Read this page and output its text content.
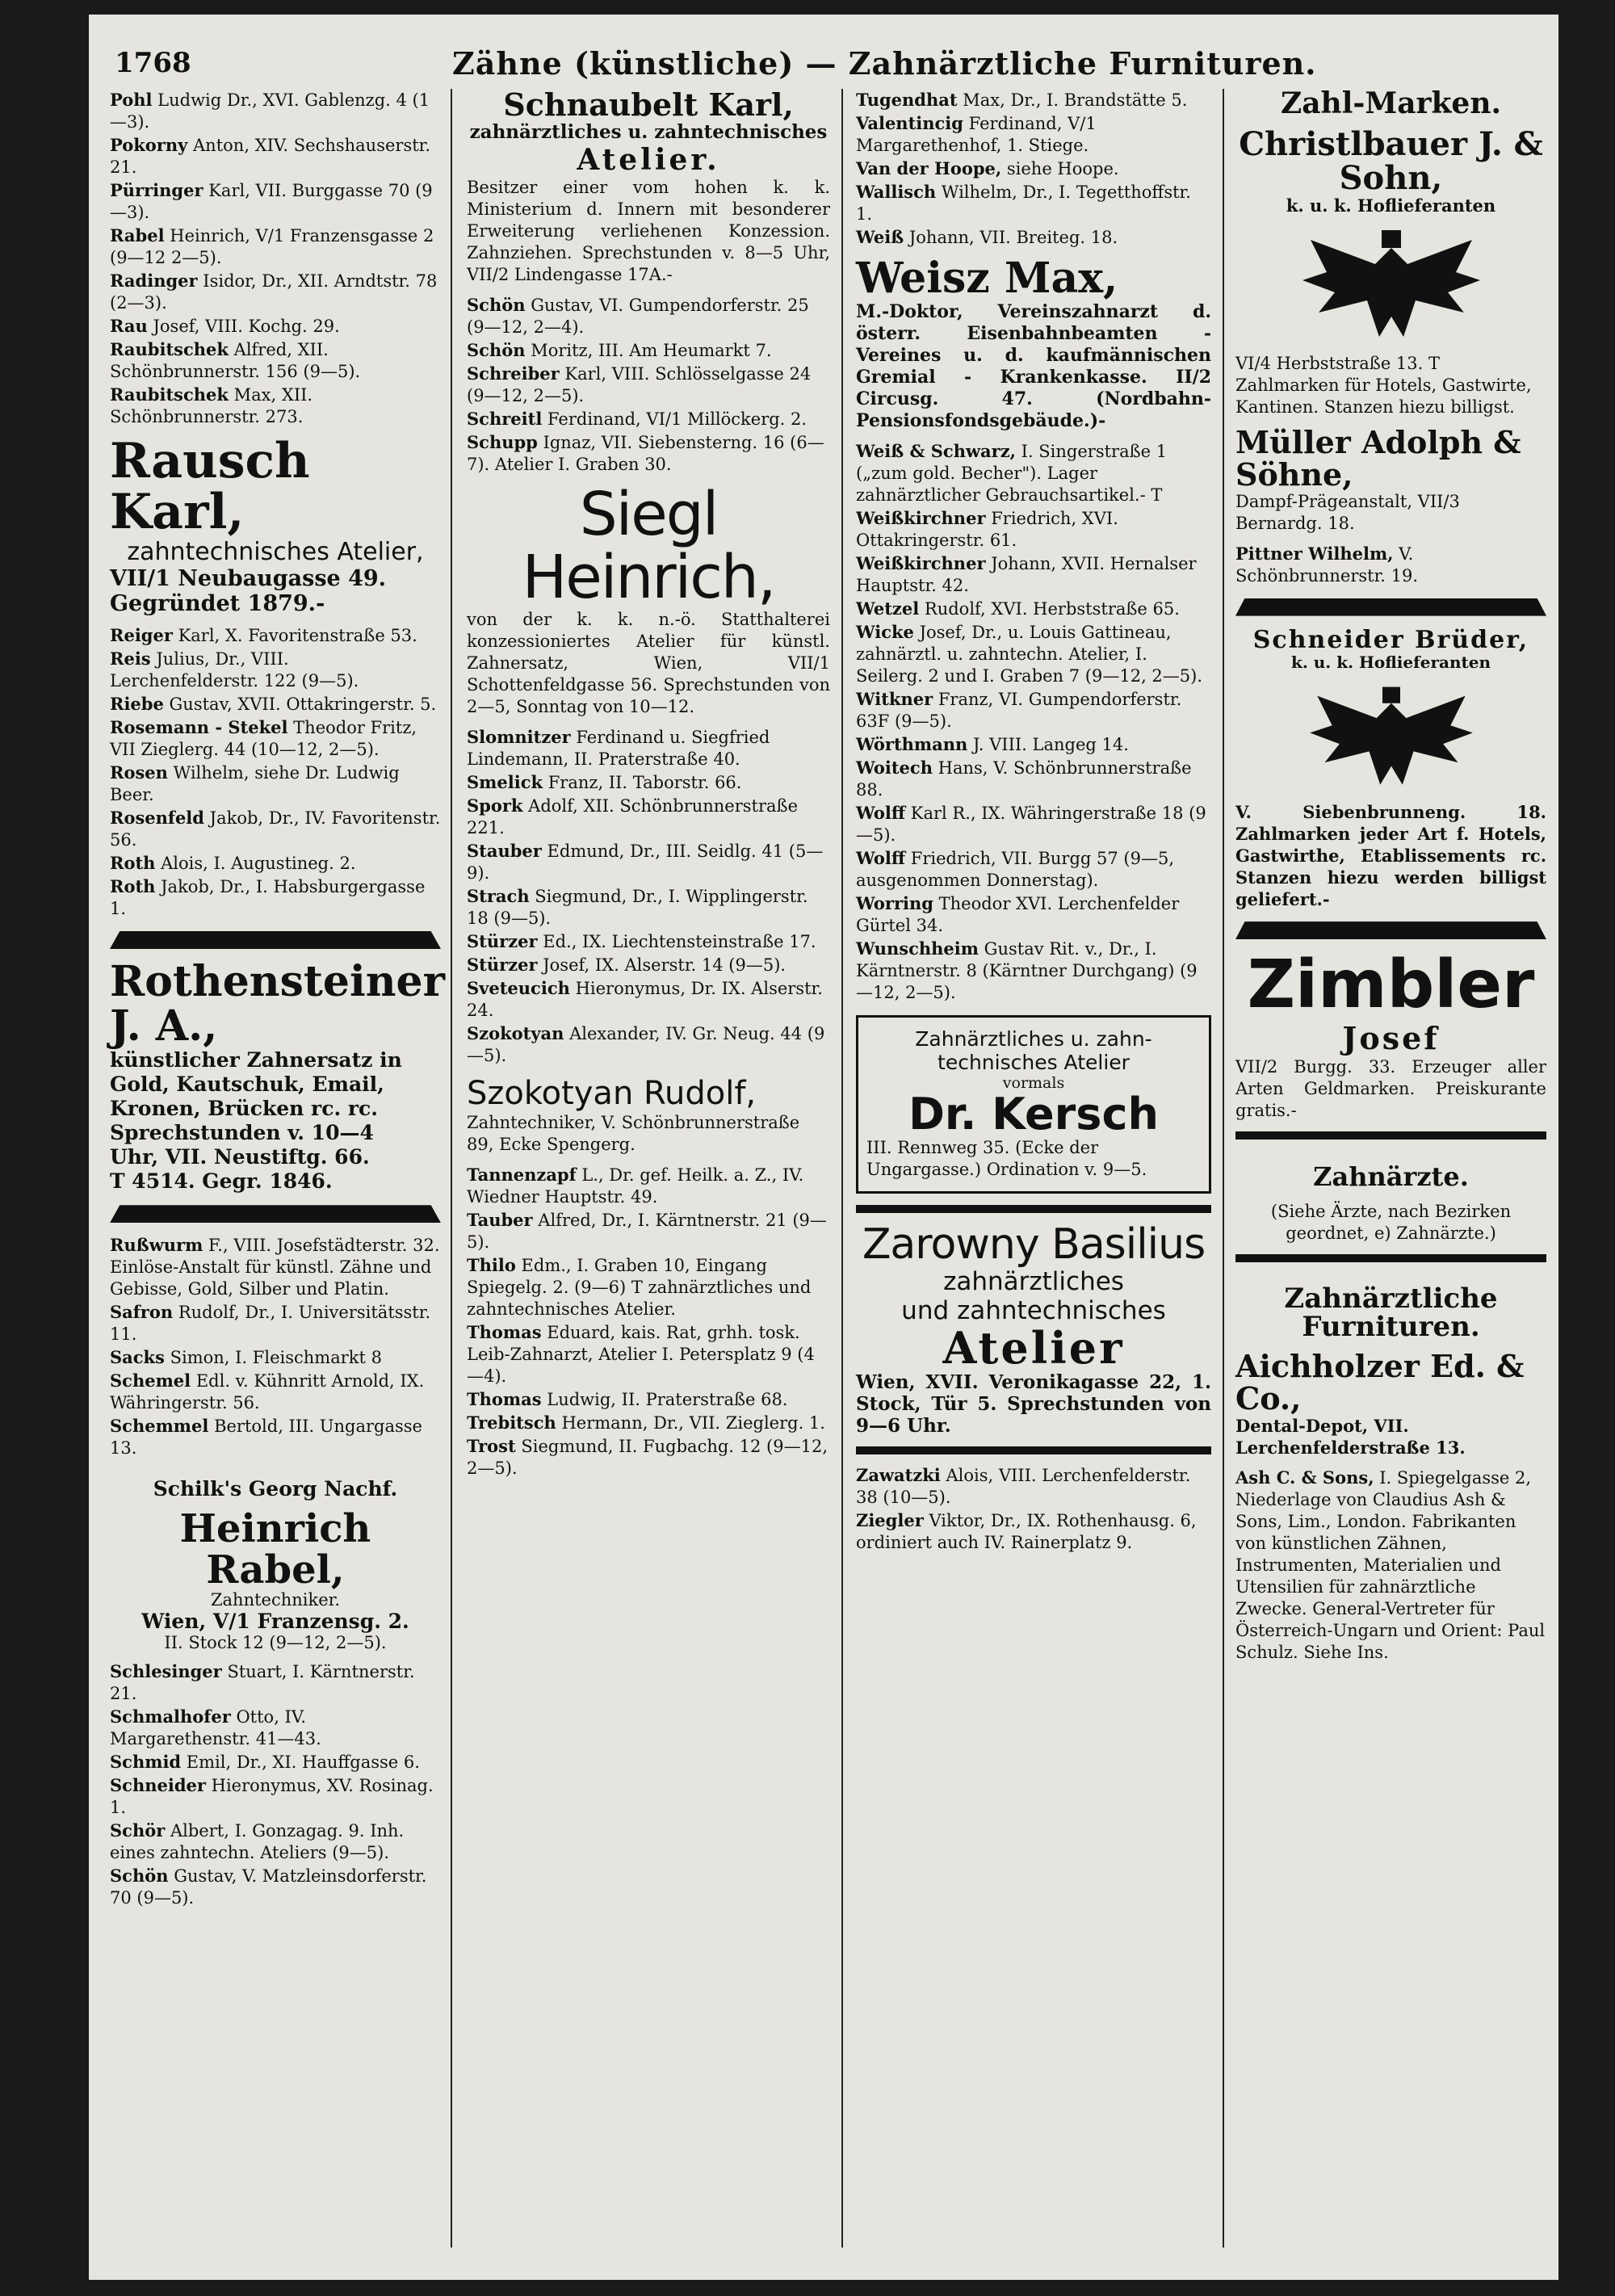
1768	Zähne (künstliche) — Zahnärztliche Furnituren.
Pohl Ludwig Dr., XVI. Gablenzg. 4 (1—3).
Pokorny Anton, XIV. Sechshauserstr. 21.
Pürringer Karl, VII. Burggasse 70 (9—3).
Rabel Heinrich, V/1 Franzensgasse 2 (9—12 2—5).
Radinger Isidor, Dr., XII. Arndtstr. 78 (2—3).
Rau Josef, VIII. Kochg. 29.
Raubitschek Alfred, XII. Schönbrunnerstr. 156 (9—5).
Raubitschek Max, XII. Schönbrunnerstr. 273.
Rausch Karl,
zahntechnisches Atelier,
VII/1 Neubaugasse 49.
Gegründet 1879.-
Reiger Karl, X. Favoritenstraße 53.
Reis Julius, Dr., VIII. Lerchenfelderstr. 122 (9—5).
Riebe Gustav, XVII. Ottakringerstr. 5.
Rosemann - Stekel Theodor Fritz, VII Zieglerg. 44 (10—12, 2—5).
Rosen Wilhelm, siehe Dr. Ludwig Beer.
Rosenfeld Jakob, Dr., IV. Favoritenstr. 56.
Roth Alois, I. Augustineg. 2.
Roth Jakob, Dr., I. Habsburgergasse 1.
Rothensteiner J. A.,
künstlicher Zahnersatz in
Gold, Kautschuk, Email,
Kronen, Brücken rc. rc.
Sprechstunden v. 10—4
Uhr, VII. Neustiftg. 66.
T 4514. Gegr. 1846.
Rußwurm F., VIII. Josefstädterstr. 32. Einlöse-Anstalt für künstl. Zähne und Gebisse, Gold, Silber und Platin.
Safron Rudolf, Dr., I. Universitätsstr. 11.
Sacks Simon, I. Fleischmarkt 8
Schemel Edl. v. Kühnritt Arnold, IX. Währingerstr. 56.
Schemmel Bertold, III. Ungargasse 13.
Schilk's Georg Nachf.
Heinrich Rabel,
Zahntechniker.
Wien, V/1 Franzensg. 2.
II. Stock 12 (9—12, 2—5).
Schlesinger Stuart, I. Kärntnerstr. 21.
Schmalhofer Otto, IV. Margarethenstr. 41—43.
Schmid Emil, Dr., XI. Hauffgasse 6.
Schneider Hieronymus, XV. Rosinag. 1.
Schör Albert, I. Gonzagag. 9. Inh. eines zahntechn. Ateliers (9—5).
Schön Gustav, V. Matzleinsdorferstr. 70 (9—5).
Schnaubelt Karl,
zahnärztliches u. zahntechnisches
Atelier.
Besitzer einer vom hohen k. k. Ministerium d. Innern mit besonderer Erweiterung verliehenen Konzession. Zahnziehen. Sprechstunden v. 8—5 Uhr, VII/2 Lindengasse 17A.-
Schön Gustav, VI. Gumpendorferstr. 25 (9—12, 2—4).
Schön Moritz, III. Am Heumarkt 7.
Schreiber Karl, VIII. Schlösselgasse 24 (9—12, 2—5).
Schreitl Ferdinand, VI/1 Millöckerg. 2.
Schupp Ignaz, VII. Siebensterng. 16 (6—7). Atelier I. Graben 30.
Siegl Heinrich,
von der k. k. n.-ö. Statthalterei konzessioniertes Atelier für künstl. Zahnersatz, Wien, VII/1 Schottenfeldgasse 56. Sprechstunden von 2—5, Sonntag von 10—12.
Slomnitzer Ferdinand u. Siegfried Lindemann, II. Praterstraße 40.
Smelick Franz, II. Taborstr. 66.
Spork Adolf, XII. Schönbrunnerstraße 221.
Stauber Edmund, Dr., III. Seidlg. 41 (5—9).
Strach Siegmund, Dr., I. Wipplingerstr. 18 (9—5).
Stürzer Ed., IX. Liechtensteinstraße 17.
Stürzer Josef, IX. Alserstr. 14 (9—5).
Sveteucich Hieronymus, Dr. IX. Alserstr. 24.
Szokotyan Alexander, IV. Gr. Neug. 44 (9—5).
Szokotyan Rudolf,
Zahntechniker, V. Schönbrunnerstraße 89, Ecke Spengerg.
Tannenzapf L., Dr. gef. Heilk. a. Z., IV. Wiedner Hauptstr. 49.
Tauber Alfred, Dr., I. Kärntnerstr. 21 (9—5).
Thilo Edm., I. Graben 10, Eingang Spiegelg. 2. (9—6) T zahnärztliches und zahntechnisches Atelier.
Thomas Eduard, kais. Rat, grhh. tosk. Leib-Zahnarzt, Atelier I. Petersplatz 9 (4—4).
Thomas Ludwig, II. Praterstraße 68.
Trebitsch Hermann, Dr., VII. Zieglerg. 1.
Trost Siegmund, II. Fugbachg. 12 (9—12, 2—5).
Tugendhat Max, Dr., I. Brandstätte 5.
Valentincig Ferdinand, V/1 Margarethenhof, 1. Stiege.
Van der Hoope, siehe Hoope.
Wallisch Wilhelm, Dr., I. Tegetthoffstr. 1.
Weiß Johann, VII. Breiteg. 18.
Weisz Max,
M.-Doktor, Vereinszahnarzt d. österr. Eisenbahnbeamten - Vereines u. d. kaufmännischen Gremial - Krankenkasse. II/2 Circusg. 47. (Nordbahn-Pensionsfondsgebäude.)-
Weiß & Schwarz, I. Singerstraße 1 („zum gold. Becher"). Lager zahnärztlicher Gebrauchsartikel.- T
Weißkirchner Friedrich, XVI. Ottakringerstr. 61.
Weißkirchner Johann, XVII. Hernalser Hauptstr. 42.
Wetzel Rudolf, XVI. Herbststraße 65.
Wicke Josef, Dr., u. Louis Gattineau, zahnärztl. u. zahntechn. Atelier, I. Seilerg. 2 und I. Graben 7 (9—12, 2—5).
Witkner Franz, VI. Gumpendorferstr. 63F (9—5).
Wörthmann J. VIII. Langeg 14.
Woitech Hans, V. Schönbrunnerstraße 88.
Wolff Karl R., IX. Währingerstraße 18 (9—5).
Wolff Friedrich, VII. Burgg 57 (9—5, ausgenommen Donnerstag).
Worring Theodor XVI. Lerchenfelder Gürtel 34.
Wunschheim Gustav Rit. v., Dr., I. Kärntnerstr. 8 (Kärntner Durchgang) (9—12, 2—5).
Zahnärztliches u. zahn-
technisches Atelier
vormals
Dr. Kersch
III. Rennweg 35. (Ecke der Ungargasse.) Ordination v. 9—5.
Zarowny Basilius
zahnärztliches
und zahntechnisches
Atelier
Wien, XVII. Veronikagasse 22, 1. Stock, Tür 5. Sprechstunden von 9—6 Uhr.
Zawatzki Alois, VIII. Lerchenfelderstr. 38 (10—5).
Ziegler Viktor, Dr., IX. Rothenhausg. 6, ordiniert auch IV. Rainerplatz 9.
Zahl-Marken.
Christlbauer J. & Sohn,
k. u. k. Hoflieferanten
VI/4 Herbststraße 13. T Zahlmarken für Hotels, Gastwirte, Kantinen. Stanzen hiezu billigst.
Müller Adolph & Söhne,
Dampf-Prägeanstalt, VII/3 Bernardg. 18.
Pittner Wilhelm, V. Schönbrunnerstr. 19.
Schneider Brüder,
k. u. k. Hoflieferanten
V. Siebenbrunneng. 18. Zahlmarken jeder Art f. Hotels, Gastwirthe, Etablissements rc. Stanzen hiezu werden billigst geliefert.-
Zimbler
Josef
VII/2 Burgg. 33. Erzeuger aller Arten Geldmarken. Preiskurante gratis.-
Zahnärzte.
(Siehe Ärzte, nach Bezirken geordnet, e) Zahnärzte.)
Zahnärztliche Furnituren.
Aichholzer Ed. & Co.,
Dental-Depot, VII. Lerchenfelderstraße 13.
Ash C. & Sons, I. Spiegelgasse 2, Niederlage von Claudius Ash & Sons, Lim., London. Fabrikanten von künstlichen Zähnen, Instrumenten, Materialien und Utensilien für zahnärztliche Zwecke. General-Vertreter für Österreich-Ungarn und Orient: Paul Schulz. Siehe Ins.
